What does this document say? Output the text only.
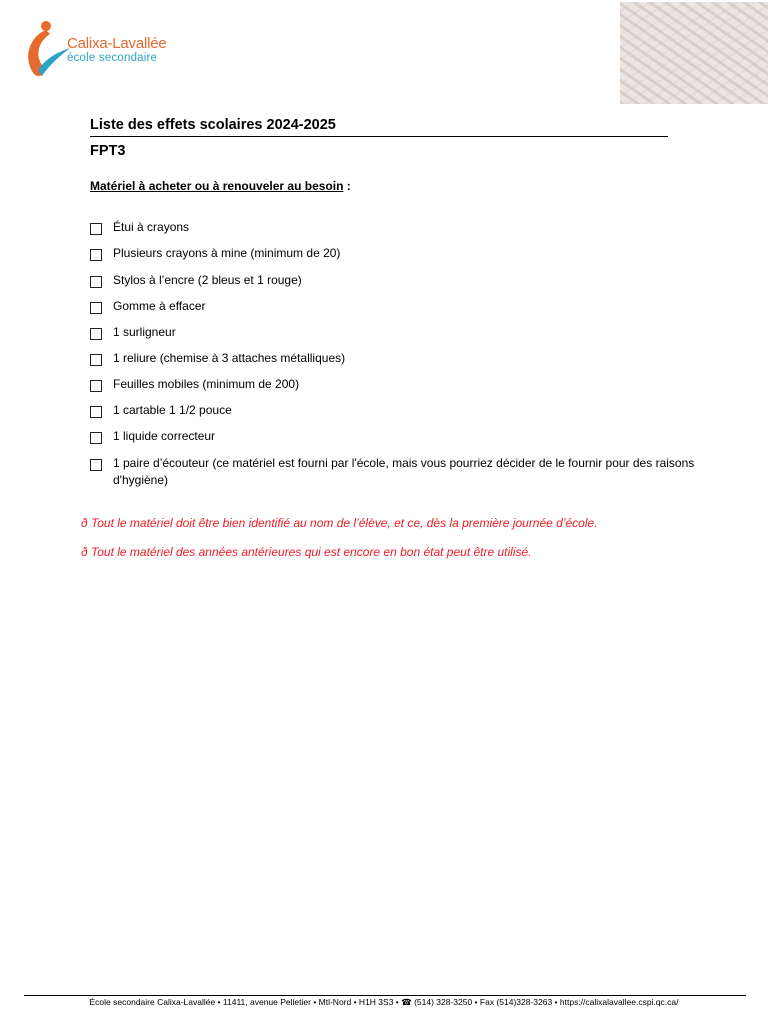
Calixa-Lavallée
école secondaire
Liste des effets scolaires 2024-2025
FPT3
Matériel à acheter ou à renouveler au besoin :
Étui à crayons
Plusieurs crayons à mine (minimum de 20)
Stylos à l’encre (2 bleus et 1 rouge)
Gomme à effacer
1 surligneur
1 reliure (chemise à 3 attaches métalliques)
Feuilles mobiles (minimum de 200)
1 cartable 1 1/2 pouce
1 liquide correcteur
1 paire d’écouteur (ce matériel est fourni par l'école, mais vous pourriez décider de le fournir pour des raisons d'hygiène)
ð Tout le matériel doit être bien identifié au nom de l’élève, et ce, dès la première journée d’école.
ð Tout le matériel des années antérieures qui est encore en bon état peut être utilisé.
École secondaire Calixa-Lavallée • 11411, avenue Pelletier • Mtl-Nord • H1H 3S3 • ☎ (514) 328-3250 • Fax (514)328-3263 • https://calixalavallee.cspi.qc.ca/
